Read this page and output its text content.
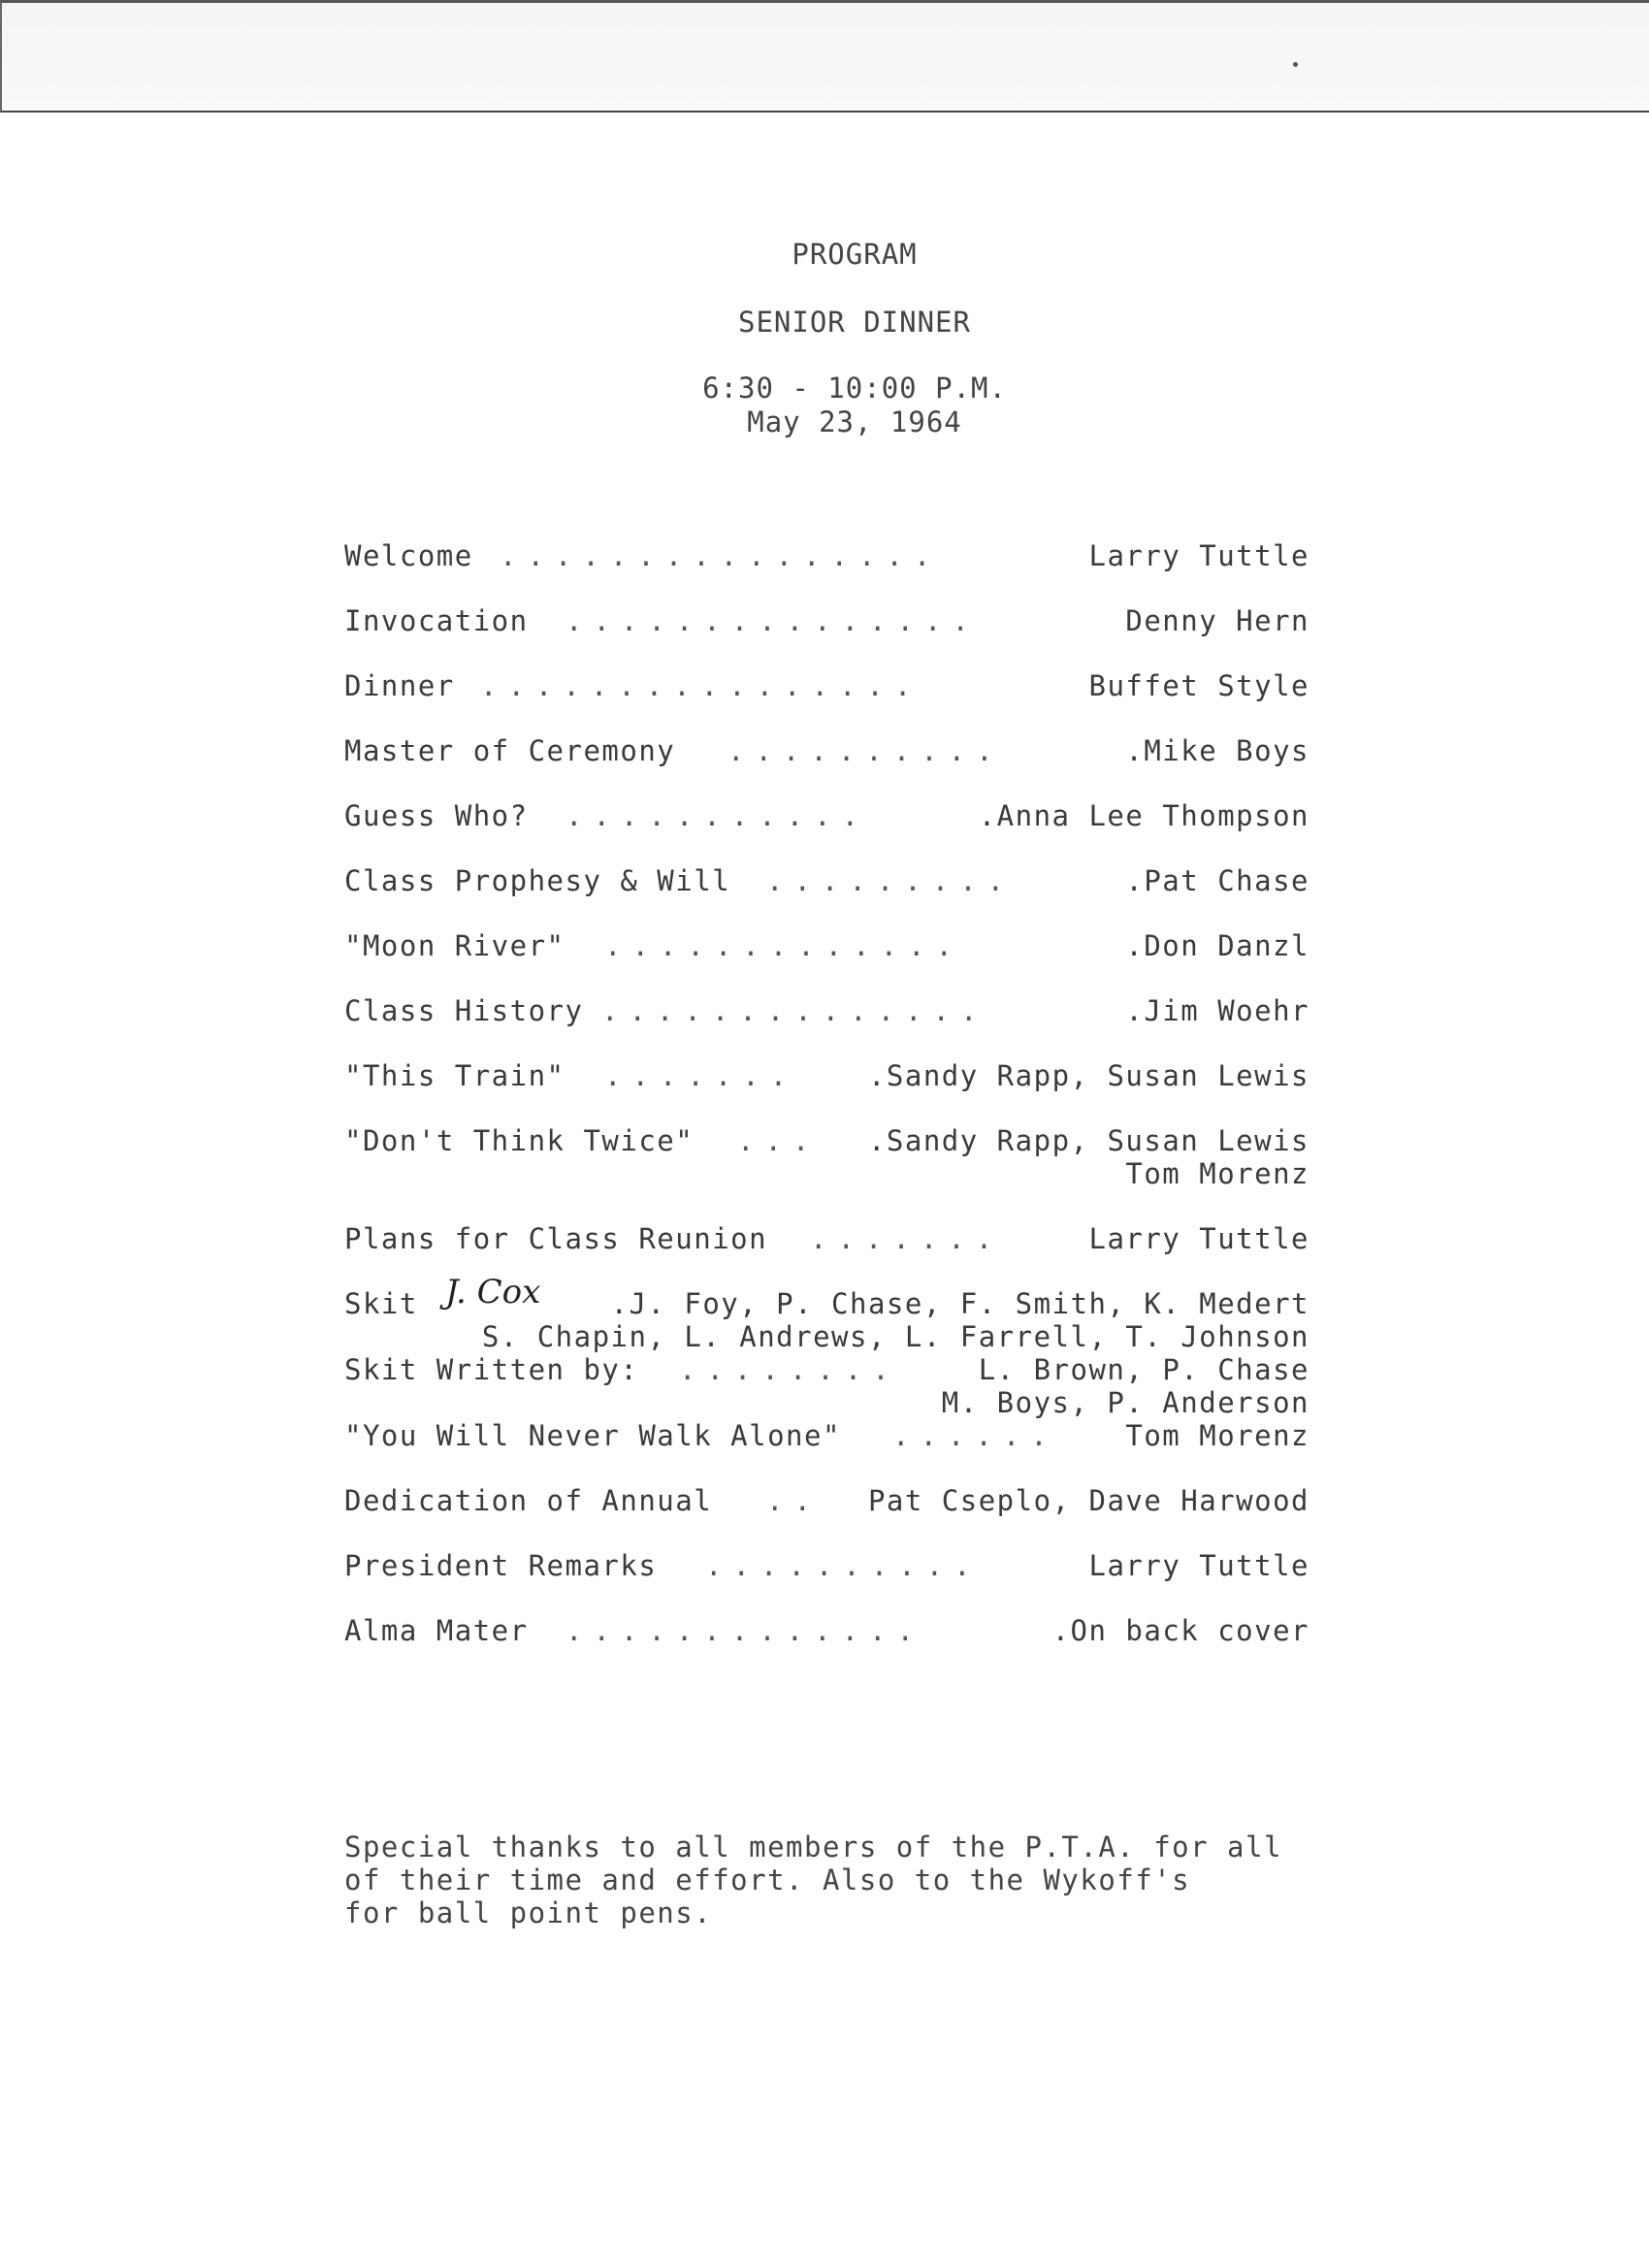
PROGRAM
SENIOR DINNER
6:30 - 10:00 P.M.
May 23, 1964
Welcome ................	Larry Tuttle
Invocation ...............	Denny Hern
Dinner ................	Buffet Style
Master of Ceremony ..........	.Mike Boys
Guess Who? ...........	.Anna Lee Thompson
Class Prophesy & Will .........	.Pat Chase
"Moon River" .............	.Don Danzl
Class History ..............	.Jim Woehr
"This Train" .......	.Sandy Rapp, Susan Lewis
"Don't Think Twice" ... .Sandy Rapp, Susan Lewis
Tom Morenz
Plans for Class Reunion .......	Larry Tuttle
Skit J. Cox .J. Foy, P. Chase, F. Smith, K. Medert
S. Chapin, L. Andrews, L. Farrell, T. Johnson
Skit Written by: ........	L. Brown, P. Chase
M. Boys, P. Anderson
"You Will Never Walk Alone" ...... Tom Morenz
Dedication of Annual .. Pat Cseplo, Dave Harwood
President Remarks ..........	Larry Tuttle
Alma Mater .............	.On back cover
Special thanks to all members of the P.T.A. for all
of their time and effort. Also to the Wykoff's
for ball point pens.
